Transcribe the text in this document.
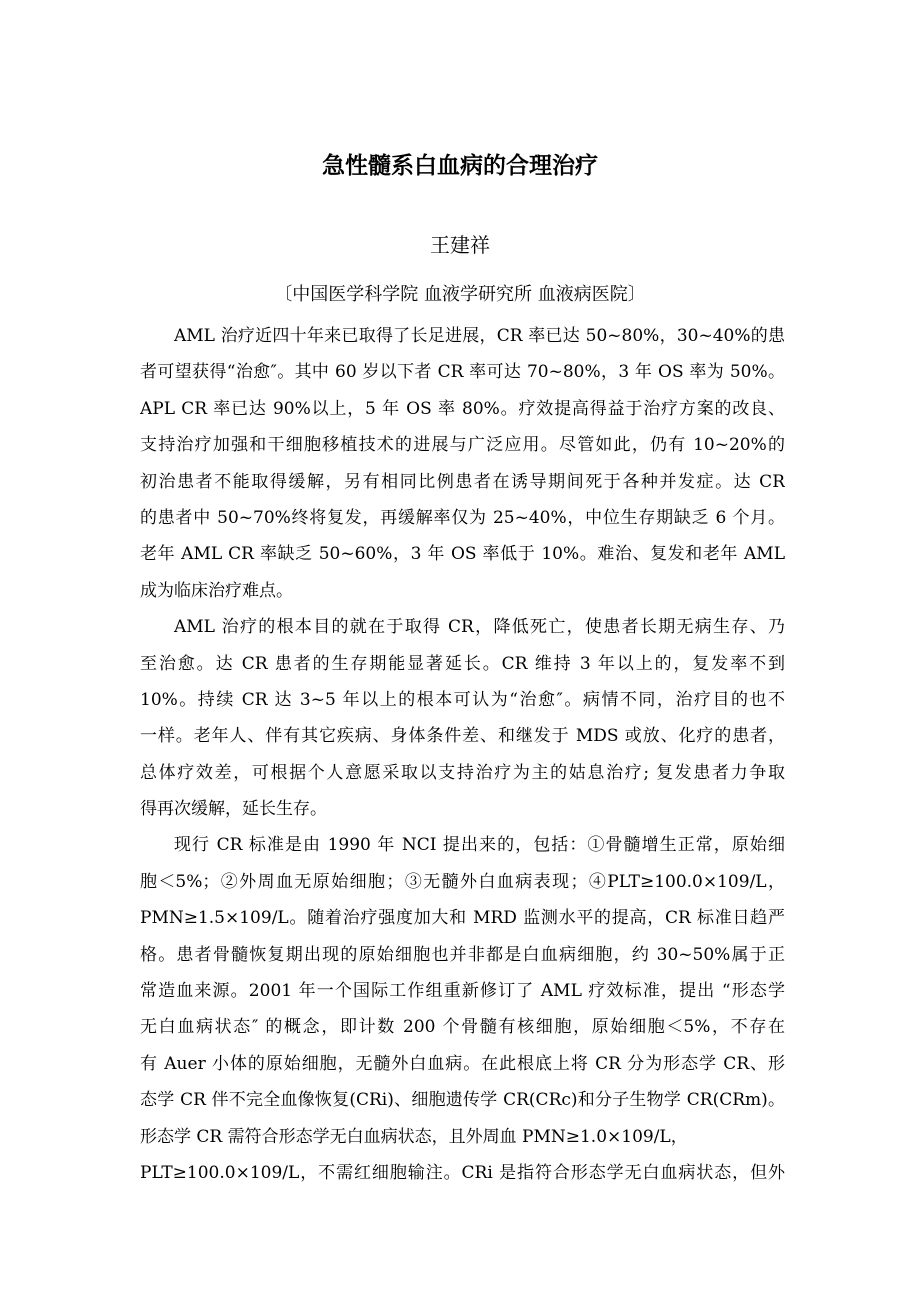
急性髓系白血病的合理治疗
王建祥
〔中国医学科学院 血液学研究所 血液病医院〕

AML 治疗近四十年来已取得了长足进展，CR 率已达 50~80%，30~40%的患
者可望获得“治愈″。其中 60 岁以下者 CR 率可达 70~80%，3 年 OS 率为 50%。
APL CR 率已达 90%以上，5 年 OS 率 80%。疗效提高得益于治疗方案的改良、
支持治疗加强和干细胞移植技术的进展与广泛应用。尽管如此，仍有 10~20%的
初治患者不能取得缓解，另有相同比例患者在诱导期间死于各种并发症。达 CR
的患者中 50~70%终将复发，再缓解率仅为 25~40%，中位生存期缺乏 6 个月。
老年 AML CR 率缺乏 50~60%，3 年 OS 率低于 10%。难治、复发和老年 AML
成为临床治疗难点。

AML 治疗的根本目的就在于取得 CR，降低死亡，使患者长期无病生存、乃
至治愈。达 CR 患者的生存期能显著延长。CR 维持 3 年以上的，复发率不到
10%。持续 CR 达 3~5 年以上的根本可认为“治愈″。病情不同，治疗目的也不
一样。老年人、伴有其它疾病、身体条件差、和继发于 MDS 或放、化疗的患者，
总体疗效差，可根据个人意愿采取以支持治疗为主的姑息治疗; 复发患者力争取
得再次缓解，延长生存。

现行 CR 标准是由 1990 年 NCI 提出来的，包括：①骨髓增生正常，原始细
胞＜5%；②外周血无原始细胞；③无髓外白血病表现；④PLT≥100.0×109/L，
PMN≥1.5×109/L。随着治疗强度加大和 MRD 监测水平的提高，CR 标准日趋严
格。患者骨髓恢复期出现的原始细胞也并非都是白血病细胞，约 30~50%属于正
常造血来源。2001 年一个国际工作组重新修订了 AML 疗效标准，提出 “形态学
无白血病状态″ 的概念，即计数 200 个骨髓有核细胞，原始细胞＜5%，不存在
有 Auer 小体的原始细胞，无髓外白血病。在此根底上将 CR 分为形态学 CR、形
态学 CR 伴不完全血像恢复(CRi)、细胞遗传学 CR(CRc)和分子生物学 CR(CRm)。
形态学 CR 需符合形态学无白血病状态，且外周血 PMN≥1.0×109/L，
PLT≥100.0×109/L，不需红细胞输注。CRi 是指符合形态学无白血病状态，但外
